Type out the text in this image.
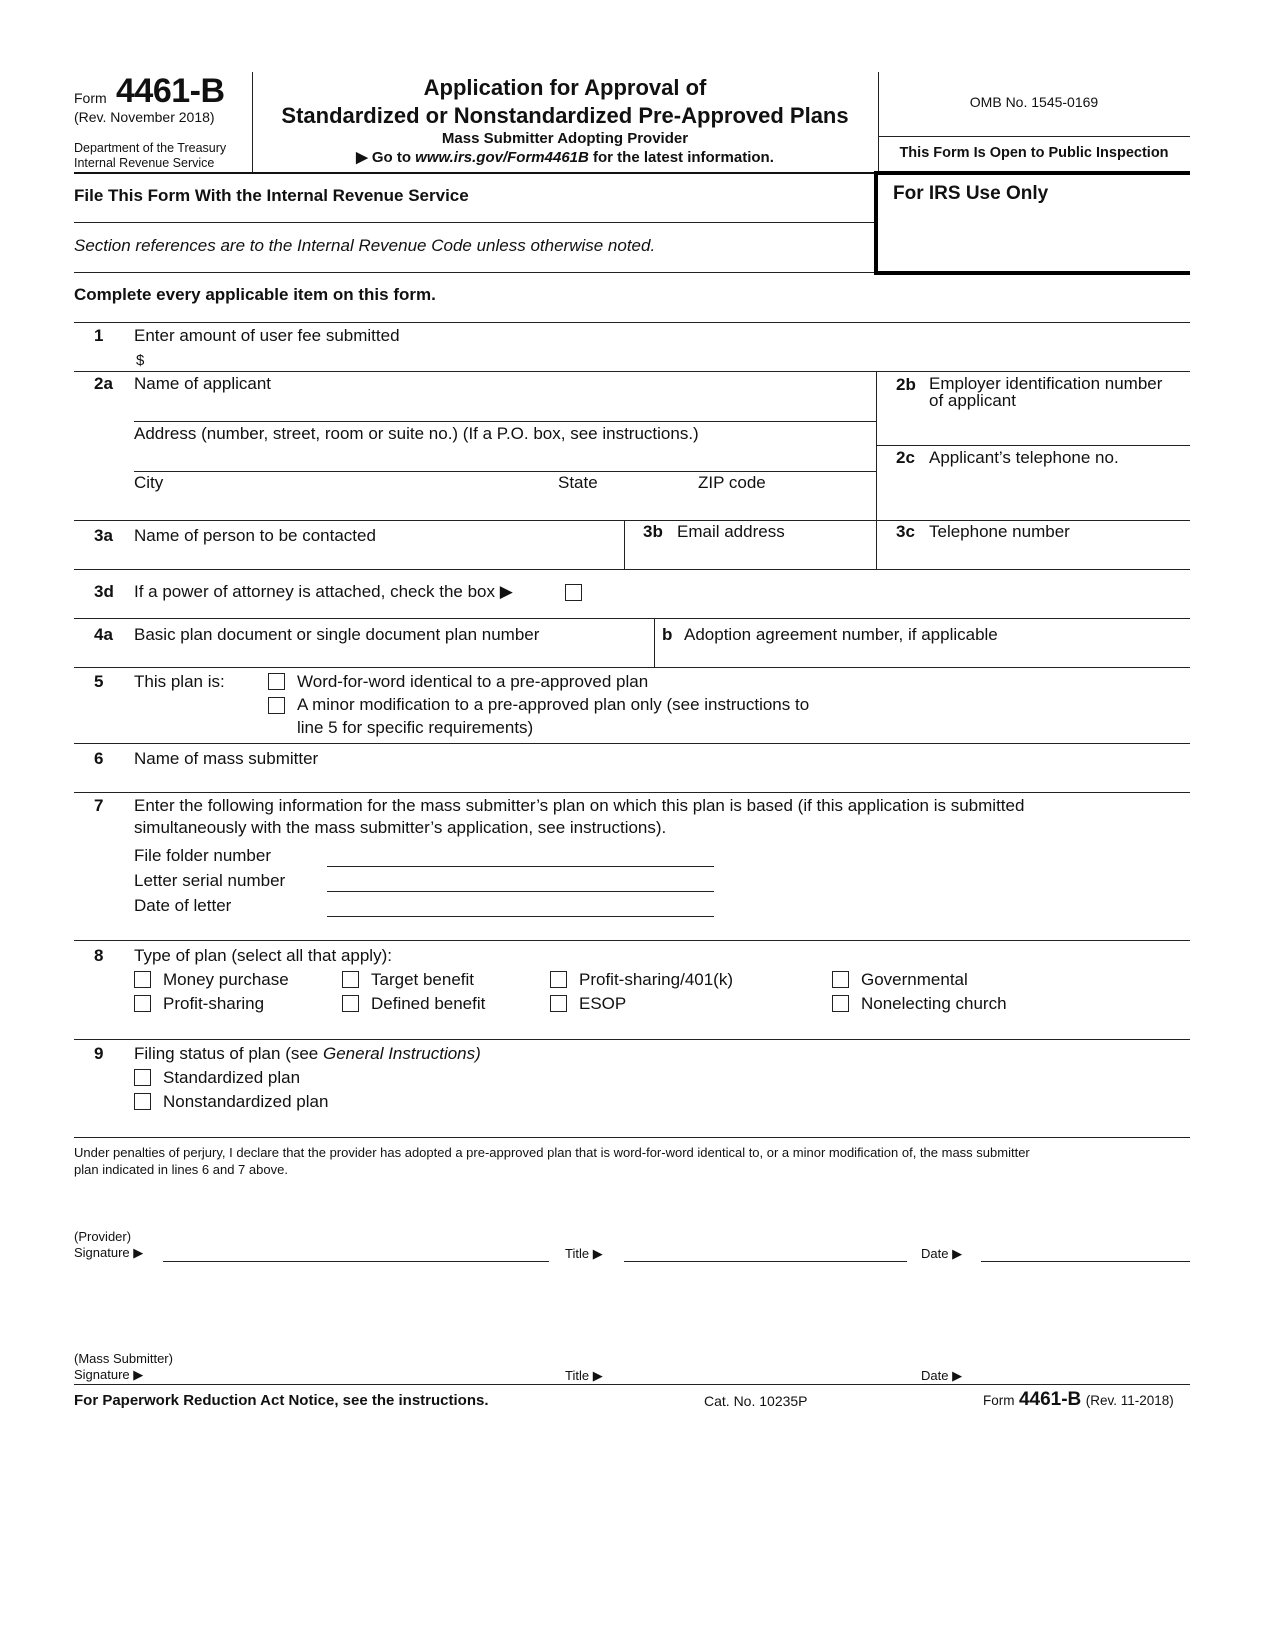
Form 4461-B
(Rev. November 2018)
Department of the Treasury
Internal Revenue Service
Application for Approval of
Standardized or Nonstandardized Pre-Approved Plans
Mass Submitter Adopting Provider
▶ Go to www.irs.gov/Form4461B for the latest information.
OMB No. 1545-0169
This Form Is Open to Public Inspection
File This Form With the Internal Revenue Service	For IRS Use Only
Section references are to the Internal Revenue Code unless otherwise noted.
Complete every applicable item on this form.
1 Enter amount of user fee submitted
$
2a Name of applicant
Address (number, street, room or suite no.) (If a P.O. box, see instructions.)
City	State	ZIP code
2b Employer identification number
of applicant
2c Applicant’s telephone no.
3a Name of person to be contacted	3b Email address	3c Telephone number
3d If a power of attorney is attached, check the box ▶
4a Basic plan document or single document plan number	b Adoption agreement number, if applicable
5 This plan is:	Word-for-word identical to a pre-approved plan
A minor modification to a pre-approved plan only (see instructions to
line 5 for specific requirements)
6 Name of mass submitter
7 Enter the following information for the mass submitter’s plan on which this plan is based (if this application is submitted
simultaneously with the mass submitter’s application, see instructions).
File folder number
Letter serial number
Date of letter
8 Type of plan (select all that apply):
Money purchase	Target benefit	Profit-sharing/401(k)	Governmental
Profit-sharing	Defined benefit	ESOP	Nonelecting church
9 Filing status of plan (see General Instructions)
Standardized plan
Nonstandardized plan
Under penalties of perjury, I declare that the provider has adopted a pre-approved plan that is word-for-word identical to, or a minor modification of, the mass submitter
plan indicated in lines 6 and 7 above.
(Provider)
Signature ▶	Title ▶	Date ▶
(Mass Submitter)
Signature ▶	Title ▶	Date ▶
For Paperwork Reduction Act Notice, see the instructions.	Cat. No. 10235P	Form 4461-B (Rev. 11-2018)
